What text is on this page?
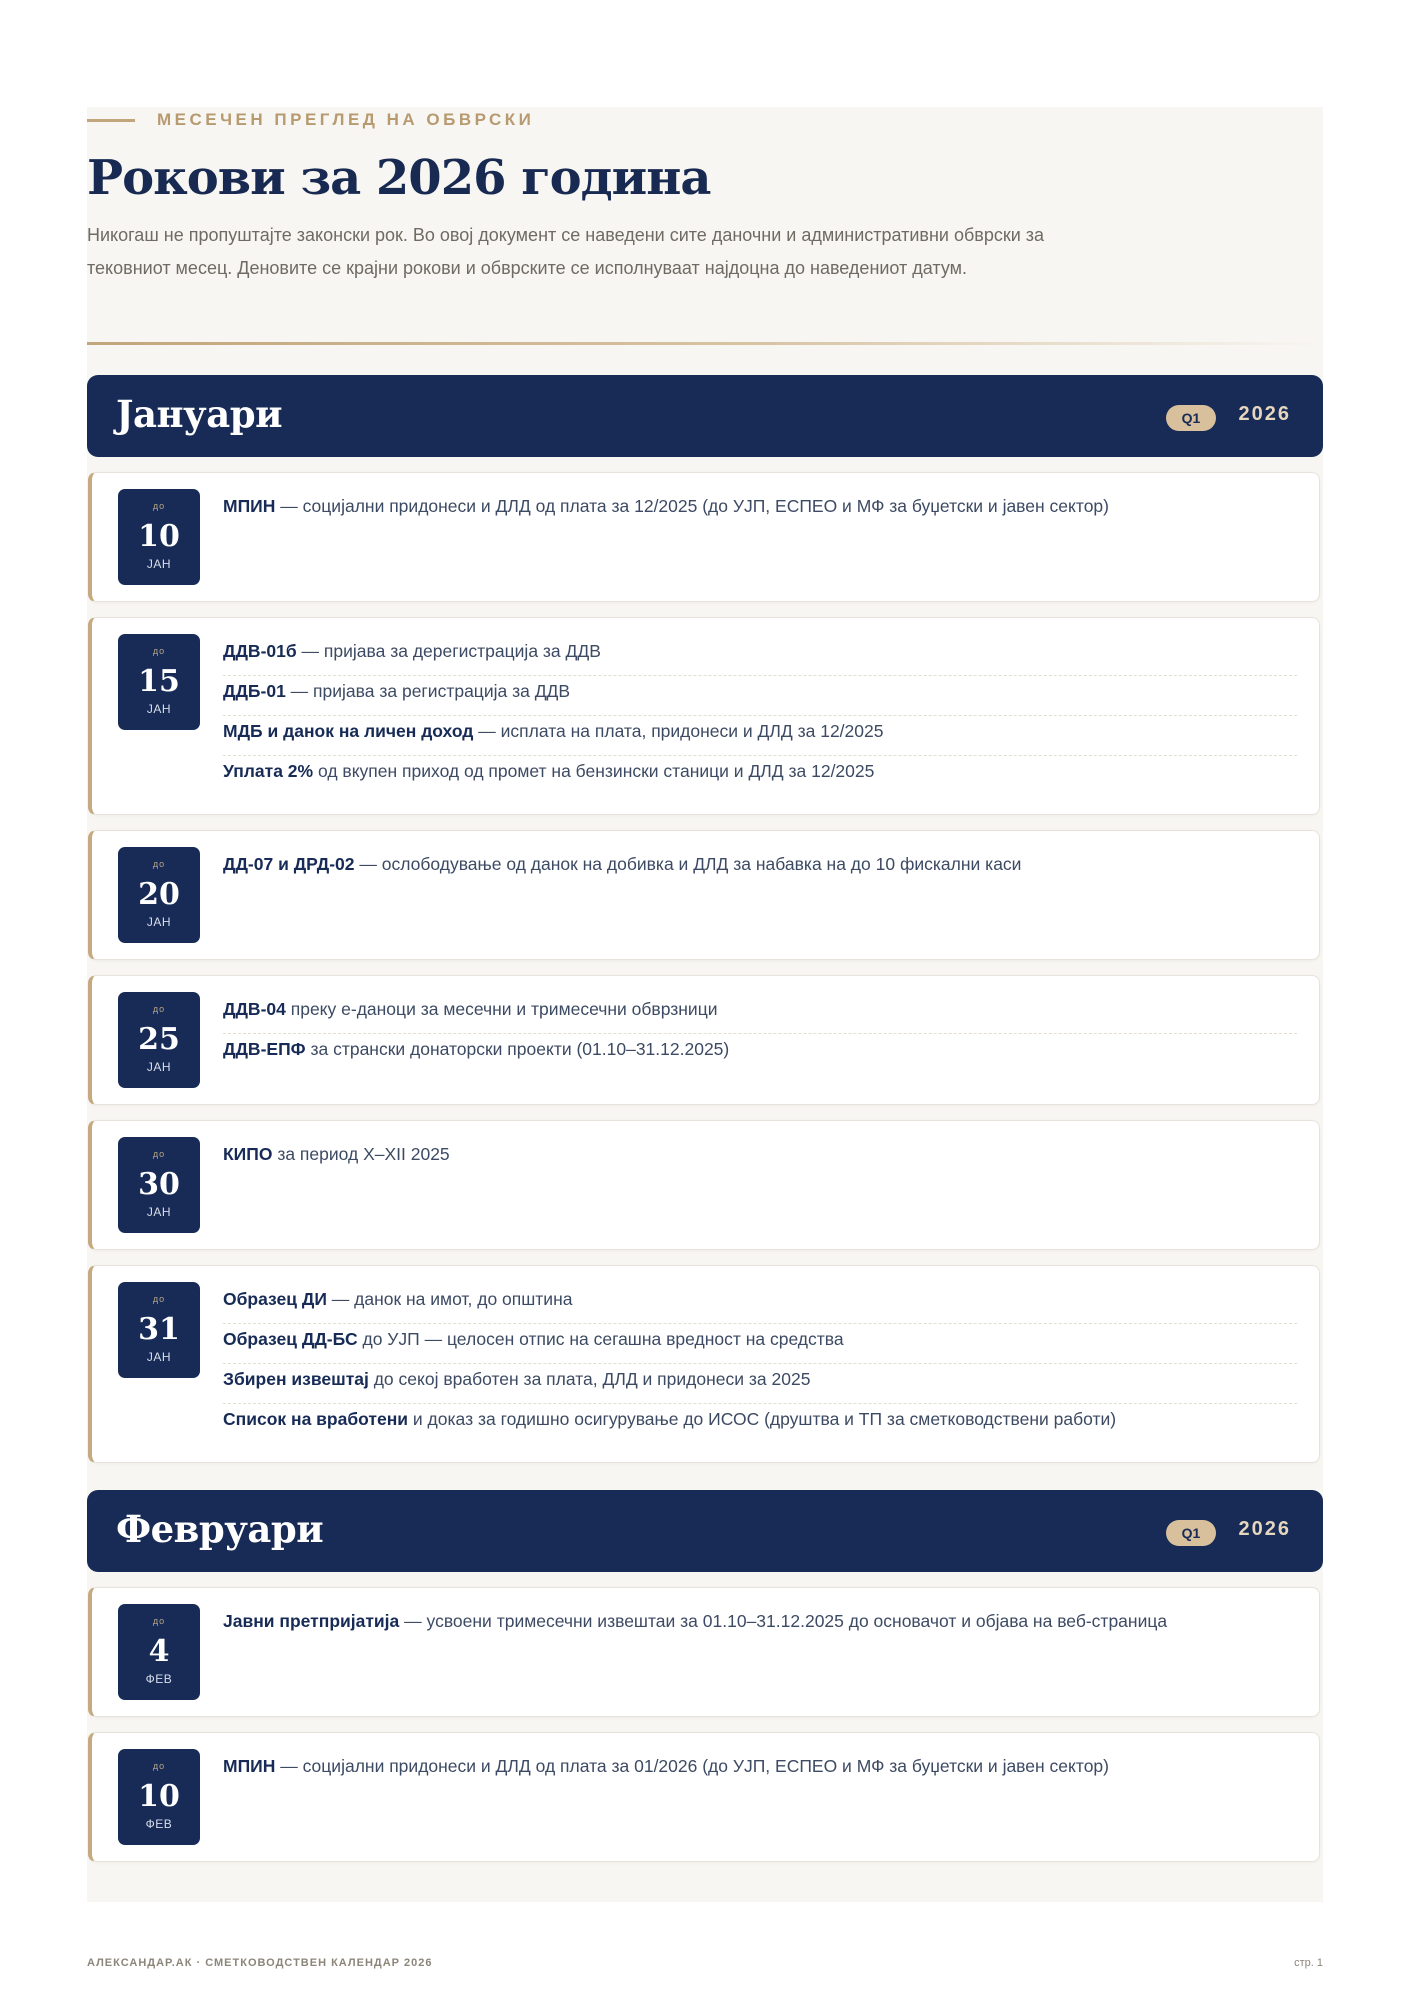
МЕСЕЧЕН ПРЕГЛЕД НА ОБВРСКИ
Рокови за 2026 година

Никогаш не пропуштајте законски рок. Во овој документ се наведени сите даночни и административни обврски за тековниот месец. Деновите се крајни рокови и обврските се исполнуваат најдоцна до наведениот датум.

Јануари	Q1	2026
до
10
ЈАН
МПИН — социјални придонеси и ДЛД од плата за 12/2025 (до УЈП, ЕСПЕО и МФ за буџетски и јавен сектор)
до
15
ЈАН
ДДВ-01б — пријава за дерегистрација за ДДВ
ДДБ-01 — пријава за регистрација за ДДВ
МДБ и данок на личен доход — исплата на плата, придонеси и ДЛД за 12/2025
Уплата 2% од вкупен приход од промет на бензински станици и ДЛД за 12/2025
до
20
ЈАН
ДД-07 и ДРД-02 — ослободување од данок на добивка и ДЛД за набавка на до 10 фискални каси
до
25
ЈАН
ДДВ-04 преку е-даноци за месечни и тримесечни обврзници
ДДВ-ЕПФ за странски донаторски проекти (01.10–31.12.2025)
до
30
ЈАН
КИПО за период X–XII 2025
до
31
ЈАН
Образец ДИ — данок на имот, до општина
Образец ДД-БС до УЈП — целосен отпис на сегашна вредност на средства
Збирен извештај до секој вработен за плата, ДЛД и придонеси за 2025
Список на вработени и доказ за годишно осигурување до ИСОС (друштва и ТП за сметководствени работи)
Февруари	Q1	2026
до
4
ФЕВ
Јавни претпријатија — усвоени тримесечни извештаи за 01.10–31.12.2025 до основачот и објава на веб-страница
до
10
ФЕВ
МПИН — социјални придонеси и ДЛД од плата за 01/2026 (до УЈП, ЕСПЕО и МФ за буџетски и јавен сектор)
АЛЕКСАНДАР.АК · СМЕТКОВОДСТВЕН КАЛЕНДАР 2026	стр. 1
